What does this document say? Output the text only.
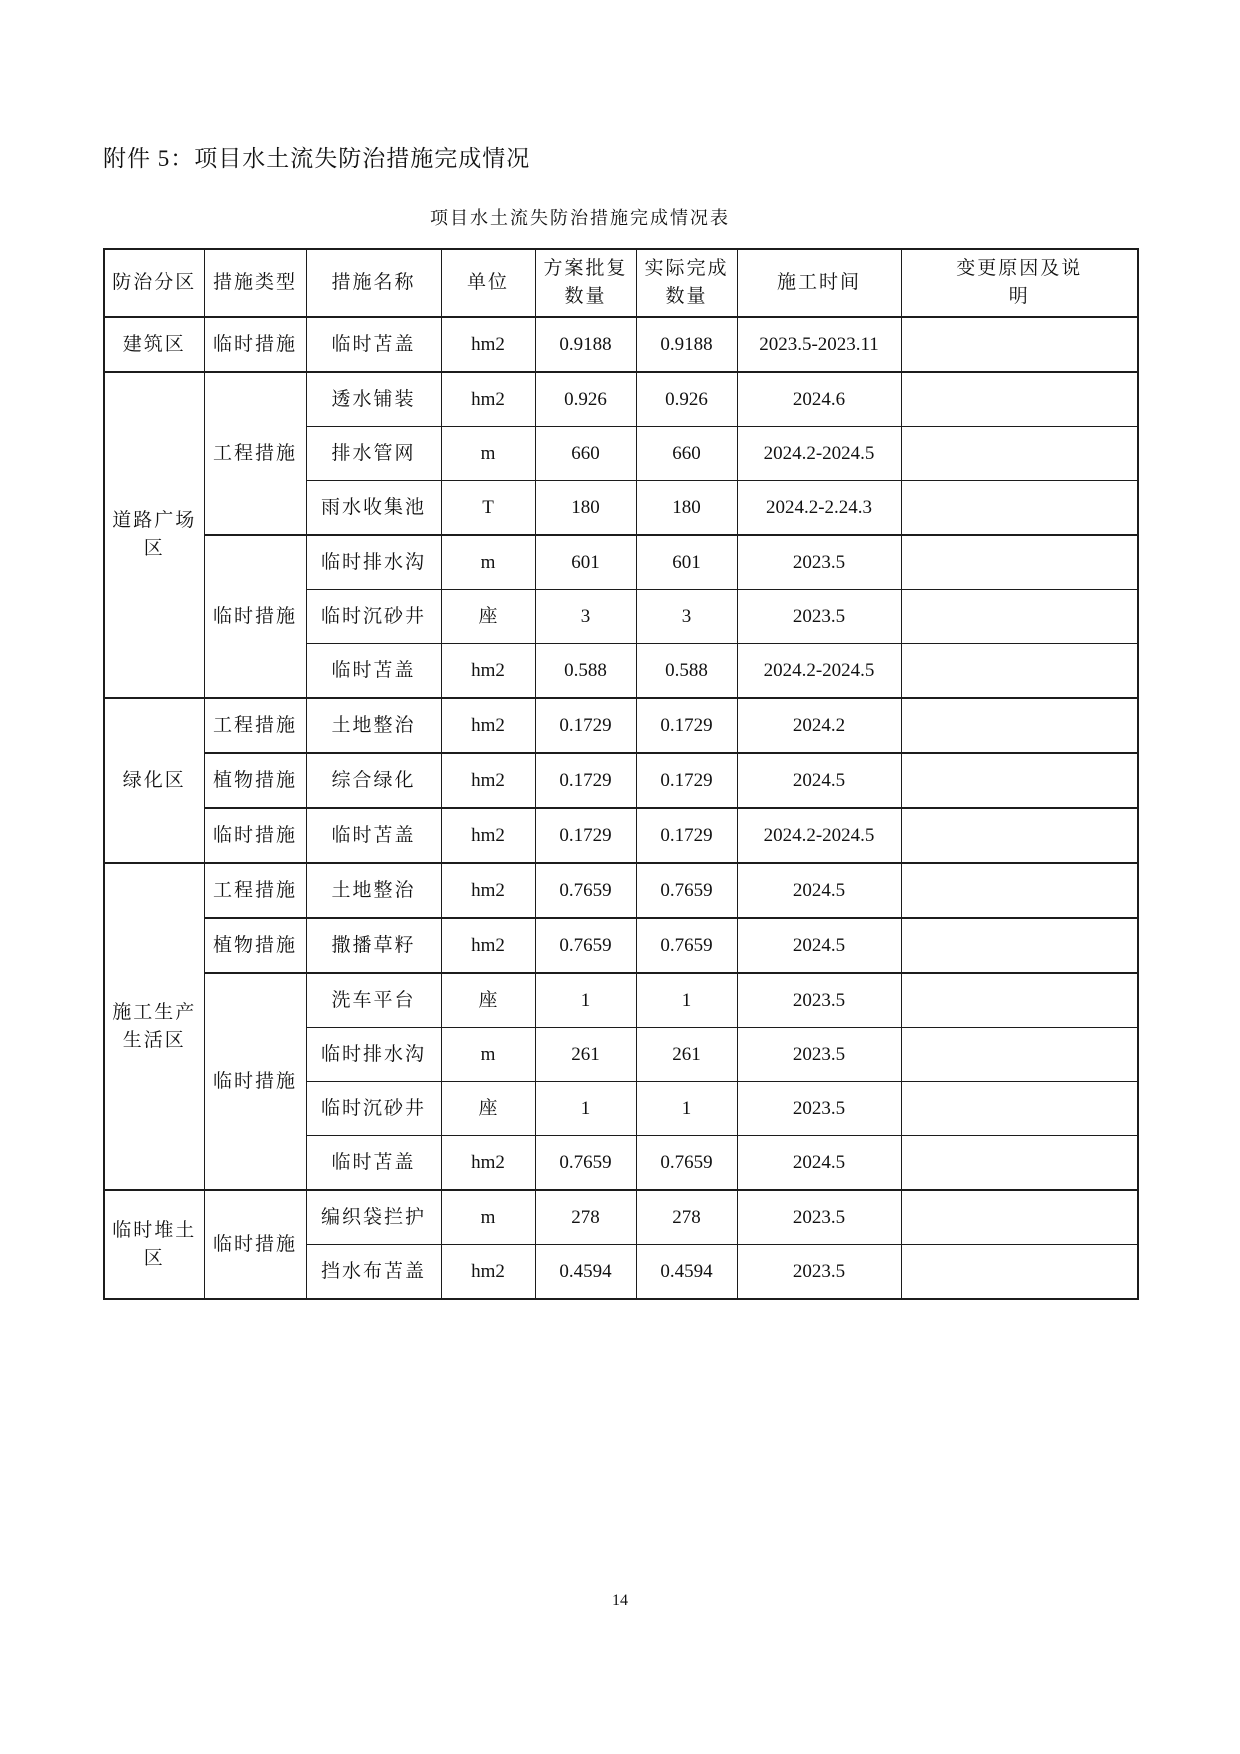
附件 5：项目水土流失防治措施完成情况
项目水土流失防治措施完成情况表
防治分区	措施类型	措施名称	单位	方案批复数量	实际完成数量	施工时间	变更原因及说明
建筑区	临时措施	临时苫盖	hm2	0.9188	0.9188	2023.5-2023.11	
道路广场区	工程措施	透水铺装	hm2	0.926	0.926	2024.6	
		排水管网	m	660	660	2024.2-2024.5	
		雨水收集池	T	180	180	2024.2-2.24.3	
	临时措施	临时排水沟	m	601	601	2023.5	
		临时沉砂井	座	3	3	2023.5	
		临时苫盖	hm2	0.588	0.588	2024.2-2024.5	
绿化区	工程措施	土地整治	hm2	0.1729	0.1729	2024.2	
	植物措施	综合绿化	hm2	0.1729	0.1729	2024.5	
	临时措施	临时苫盖	hm2	0.1729	0.1729	2024.2-2024.5	
施工生产生活区	工程措施	土地整治	hm2	0.7659	0.7659	2024.5	
	植物措施	撒播草籽	hm2	0.7659	0.7659	2024.5	
	临时措施	洗车平台	座	1	1	2023.5	
		临时排水沟	m	261	261	2023.5	
		临时沉砂井	座	1	1	2023.5	
		临时苫盖	hm2	0.7659	0.7659	2024.5	
临时堆土区	临时措施	编织袋拦护	m	278	278	2023.5	
		挡水布苫盖	hm2	0.4594	0.4594	2023.5	
14
